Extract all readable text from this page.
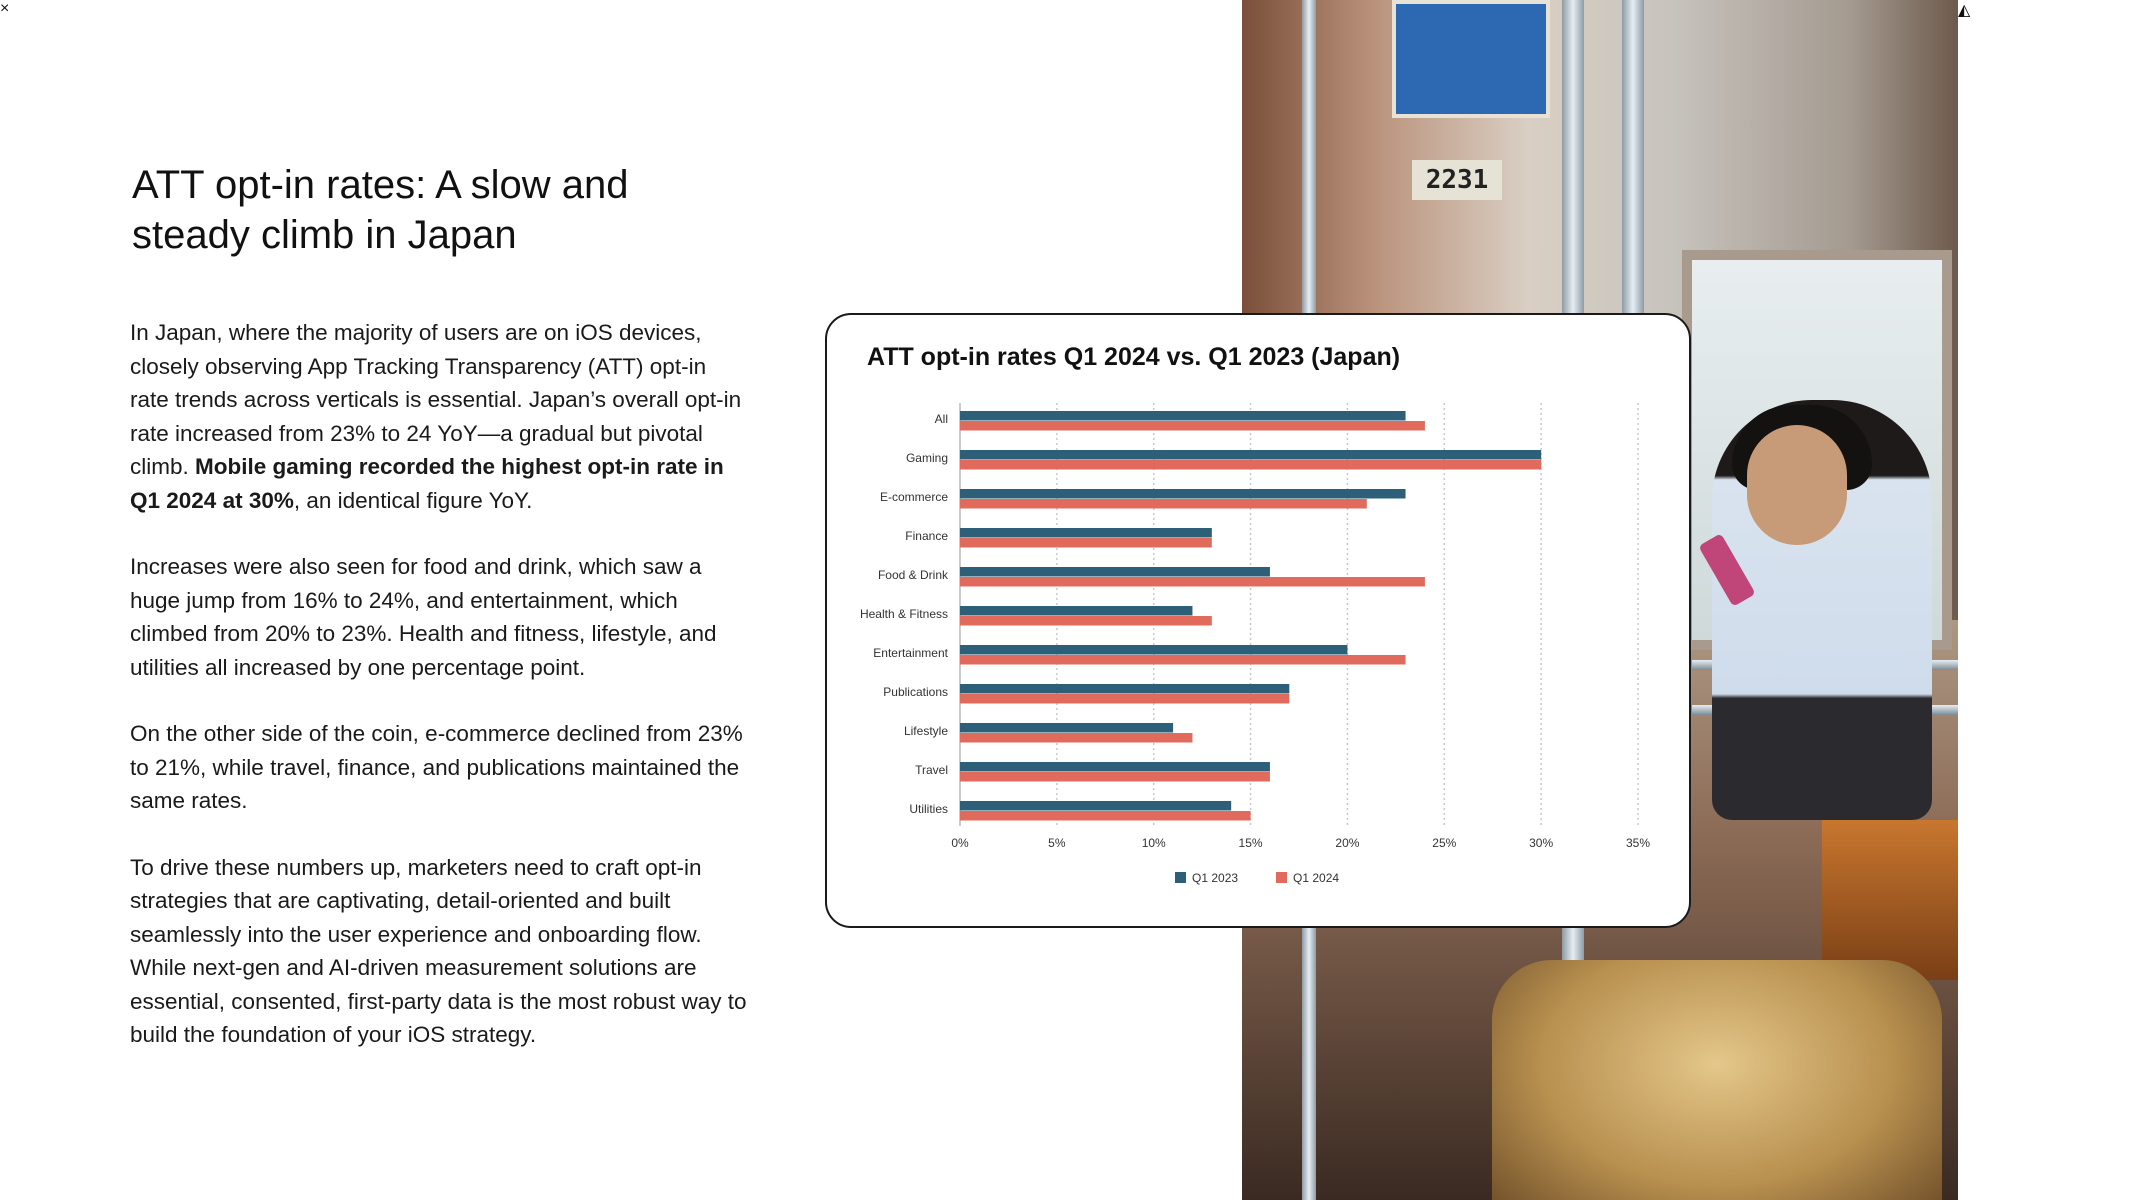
ATT opt-in rates: A slow and
steady climb in Japan

In Japan, where the majority of users are on iOS devices, closely observing App Tracking Transparency (ATT) opt-in rate trends across verticals is essential. Japan’s overall opt-in rate increased from 23% to 24 YoY—a gradual but pivotal climb. Mobile gaming recorded the highest opt-in rate in Q1 2024 at 30%, an identical figure YoY.

Increases were also seen for food and drink, which saw a huge jump from 16% to 24%, and entertainment, which climbed from 20% to 23%. Health and fitness, lifestyle, and utilities all increased by one percentage point.

On the other side of the coin, e-commerce declined from 23% to 21%, while travel, finance, and publications maintained the same rates.

To drive these numbers up, marketers need to craft opt-in strategies that are captivating, detail-oriented and built seamlessly into the user experience and onboarding flow. While next-gen and AI-driven measurement solutions are essential, consented, first-party data is the most robust way to build the foundation of your iOS strategy.

2231
◭
×
Mobile app trends 2024: Japan edition
6
ATT opt-in rates Q1 2024 vs. Q1 2023 (Japan)
0%	5%	10%	15%	20%	25%	30%	35%
All
Gaming
E-commerce
Finance
Food & Drink
Health & Fitness
Entertainment
Publications
Lifestyle
Travel
Utilities
Q1 2023	Q1 2024
